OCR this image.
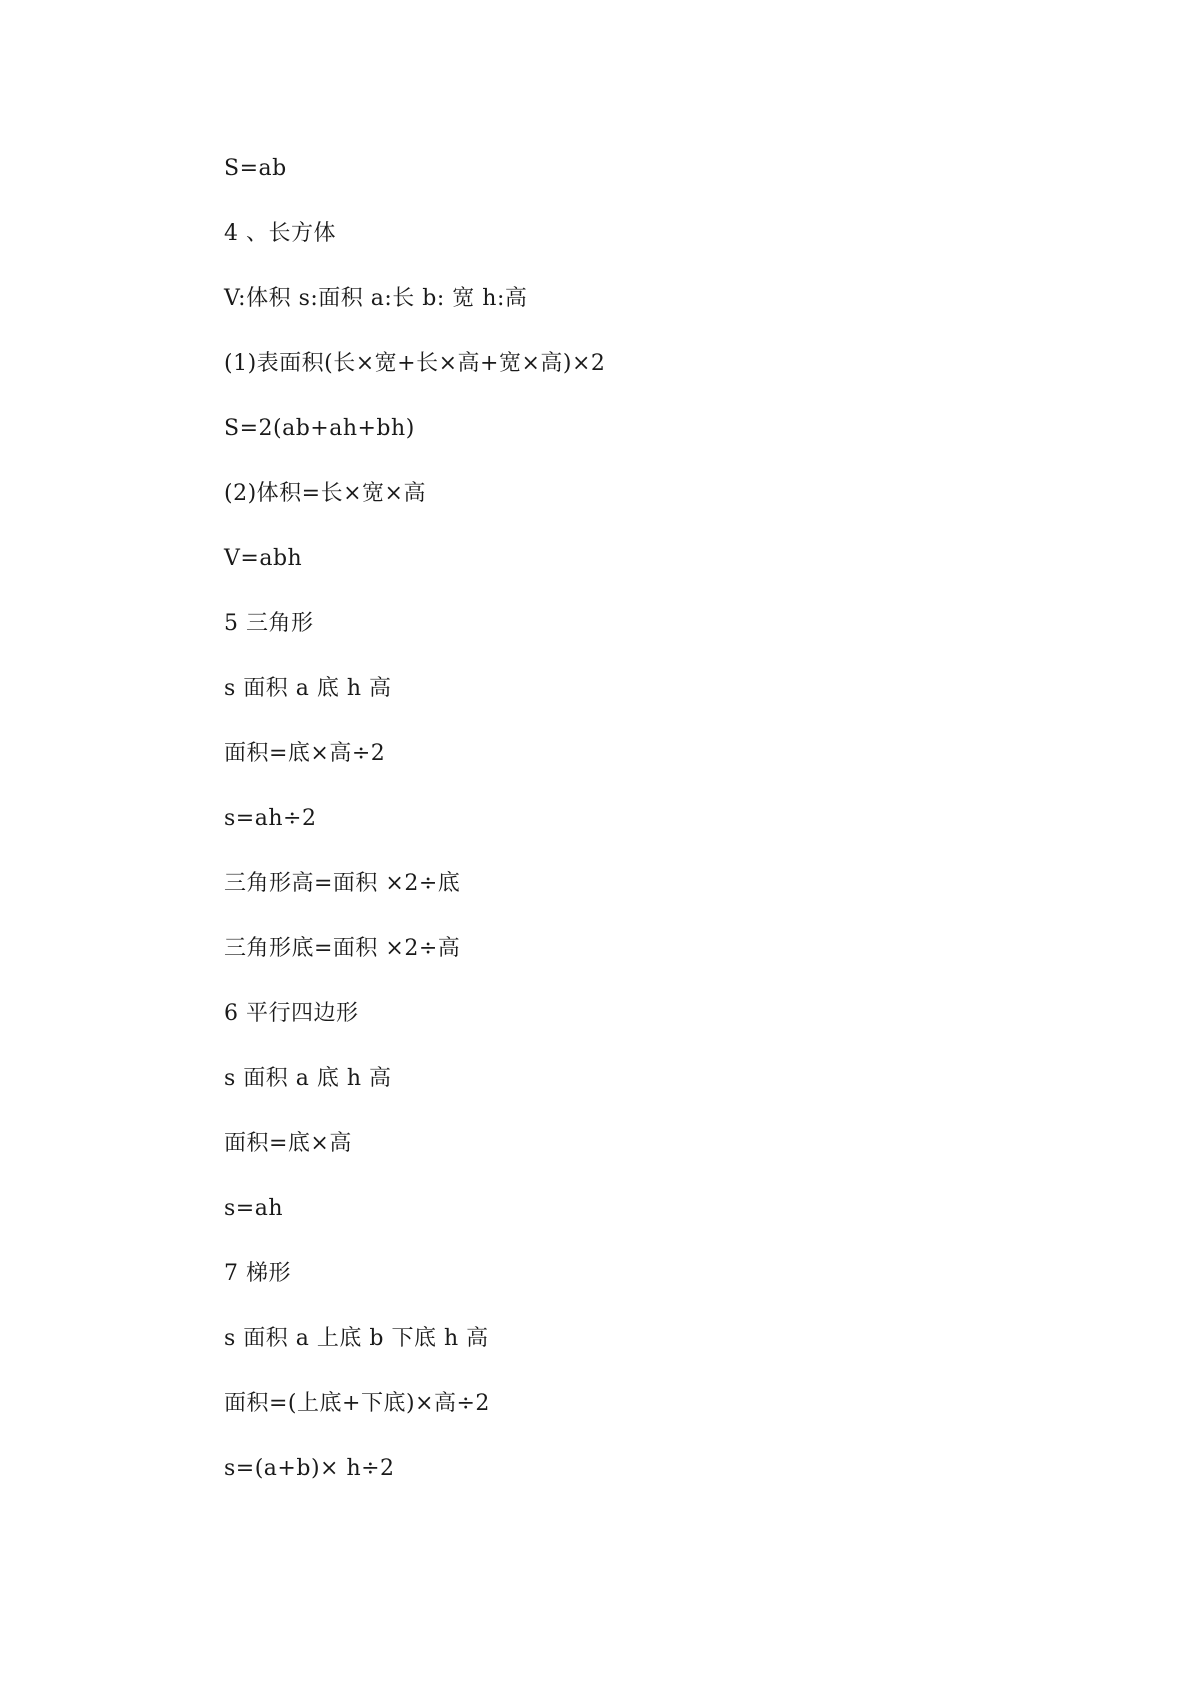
S=ab
4 、长方体
V:体积 s:面积 a:长 b: 宽 h:高
(1)表面积(长×宽+长×高+宽×高)×2
S=2(ab+ah+bh)
(2)体积=长×宽×高
V=abh
5 三角形
s 面积 a 底 h 高
面积=底×高÷2
s=ah÷2
三角形高=面积 ×2÷底
三角形底=面积 ×2÷高
6 平行四边形
s 面积 a 底 h 高
面积=底×高
s=ah
7 梯形
s 面积 a 上底 b 下底 h 高
面积=(上底+下底)×高÷2
s=(a+b)× h÷2
